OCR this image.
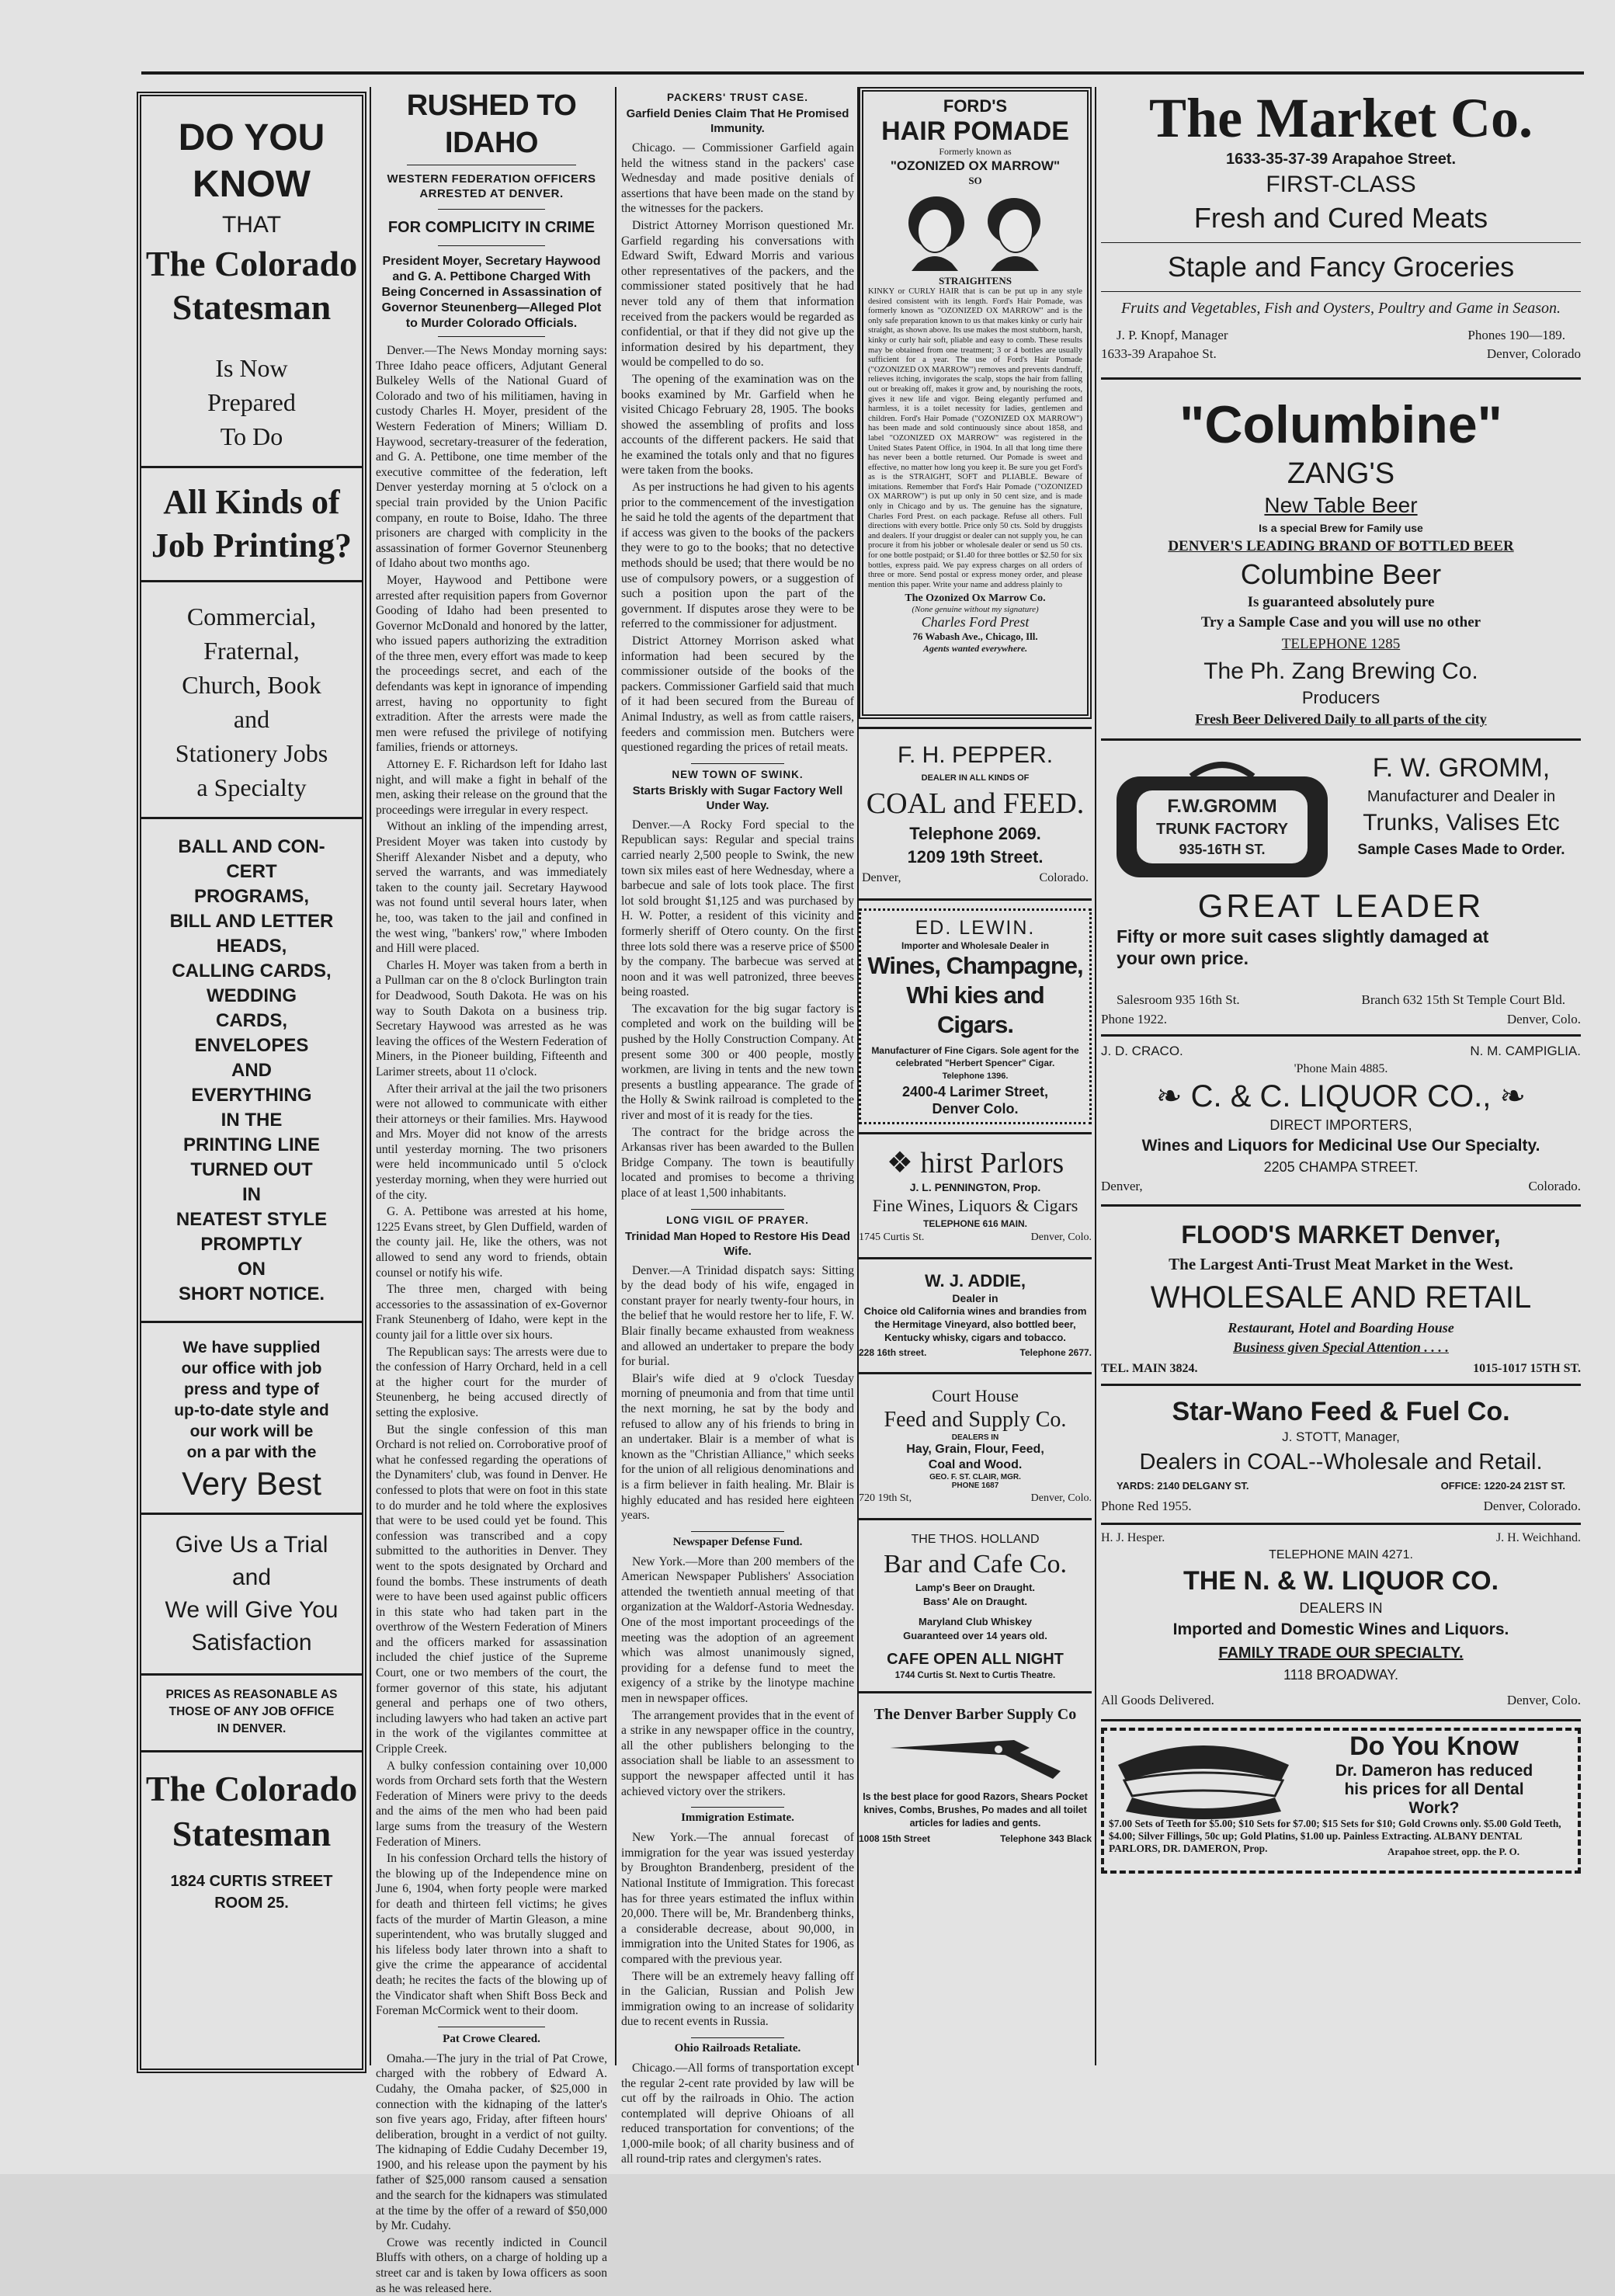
DO YOU
KNOW
THAT
The Colorado
Statesman
Is Now
Prepared
To Do
All Kinds of
Job Printing?
Commercial,
Fraternal,
Church, Book
and
Stationery Jobs
a Specialty
BALL AND CON-
CERT
PROGRAMS,
BILL AND LETTER
HEADS,
CALLING CARDS,
WEDDING
CARDS,
ENVELOPES
AND
EVERYTHING
IN THE
PRINTING LINE
TURNED OUT
IN
NEATEST STYLE
PROMPTLY
ON
SHORT NOTICE.
We have supplied
our office with job
press and type of
up-to-date style and
our work will be
on a par with the
Very Best
Give Us a Trial
and
We will Give You
Satisfaction
PRICES AS REASONABLE AS
THOSE OF ANY JOB OFFICE
IN DENVER.
The Colorado
Statesman
1824 CURTIS STREET
ROOM 25.
RUSHED TO IDAHO
WESTERN FEDERATION OFFICERS ARRESTED AT DENVER.
FOR COMPLICITY IN CRIME
President Moyer, Secretary Haywood and G. A. Pettibone Charged With Being Concerned in Assassination of Governor Steunenberg—Alleged Plot to Murder Colorado Officials.

Denver.—The News Monday morning says: Three Idaho peace officers, Adjutant General Bulkeley Wells of the National Guard of Colorado and two of his militiamen, having in custody Charles H. Moyer, president of the Western Federation of Miners; William D. Haywood, secretary-treasurer of the federation, and G. A. Pettibone, one time member of the executive committee of the federation, left Denver yesterday morning at 5 o'clock on a special train provided by the Union Pacific company, en route to Boise, Idaho. The three prisoners are charged with complicity in the assassination of former Governor Steunenberg of Idaho about two months ago.

Moyer, Haywood and Pettibone were arrested after requisition papers from Governor Gooding of Idaho had been presented to Governor McDonald and honored by the latter, who issued papers authorizing the extradition of the three men, every effort was made to keep the proceedings secret, and each of the defendants was kept in ignorance of impending arrest, having no opportunity to fight extradition. After the arrests were made the men were refused the privilege of notifying families, friends or attorneys.

Attorney E. F. Richardson left for Idaho last night, and will make a fight in behalf of the men, asking their release on the ground that the proceedings were irregular in every respect.

Without an inkling of the impending arrest, President Moyer was taken into custody by Sheriff Alexander Nisbet and a deputy, who served the warrants, and was immediately taken to the county jail. Secretary Haywood was not found until several hours later, when he, too, was taken to the jail and confined in the west wing, "bankers' row," where Imboden and Hill were placed.

Charles H. Moyer was taken from a berth in a Pullman car on the 8 o'clock Burlington train for Deadwood, South Dakota. He was on his way to South Dakota on a business trip. Secretary Haywood was arrested as he was leaving the offices of the Western Federation of Miners, in the Pioneer building, Fifteenth and Larimer streets, about 11 o'clock.

After their arrival at the jail the two prisoners were not allowed to communicate with either their attorneys or their families. Mrs. Haywood and Mrs. Moyer did not know of the arrests until yesterday morning. The two prisoners were held incommunicado until 5 o'clock yesterday morning, when they were hurried out of the city.

G. A. Pettibone was arrested at his home, 1225 Evans street, by Glen Duffield, warden of the county jail. He, like the others, was not allowed to send any word to friends, obtain counsel or notify his wife.

The three men, charged with being accessories to the assassination of ex-Governor Frank Steunenberg of Idaho, were kept in the county jail for a little over six hours.

The Republican says: The arrests were due to the confession of Harry Orchard, held in a cell at the higher court for the murder of Steunenberg, he being accused directly of setting the explosive.

But the single confession of this man Orchard is not relied on. Corroborative proof of what he confessed regarding the operations of the Dynamiters' club, was found in Denver. He confessed to plots that were on foot in this state to do murder and he told where the explosives that were to be used could yet be found. This confession was transcribed and a copy submitted to the authorities in Denver. They went to the spots designated by Orchard and found the bombs. These instruments of death were to have been used against public officers in this state who had taken part in the overthrow of the Western Federation of Miners and the officers marked for assassination included the chief justice of the Supreme Court, one or two members of the court, the former governor of this state, his adjutant general and perhaps one of two others, including lawyers who had taken an active part in the work of the vigilantes committee at Cripple Creek.

A bulky confession containing over 10,000 words from Orchard sets forth that the Western Federation of Miners were privy to the deeds and the aims of the men who had been paid large sums from the treasury of the Western Federation of Miners.

In his confession Orchard tells the history of the blowing up of the Independence mine on June 6, 1904, when forty people were marked for death and thirteen fell victims; he gives facts of the murder of Martin Gleason, a mine superintendent, who was brutally slugged and his lifeless body later thrown into a shaft to give the crime the appearance of accidental death; he recites the facts of the blowing up of the Vindicator shaft when Shift Boss Beck and Foreman McCormick went to their doom.

Pat Crowe Cleared.

Omaha.—The jury in the trial of Pat Crowe, charged with the robbery of Edward A. Cudahy, the Omaha packer, of $25,000 in connection with the kidnaping of the latter's son five years ago, Friday, after fifteen hours' deliberation, brought in a verdict of not guilty. The kidnaping of Eddie Cudahy December 19, 1900, and his release upon the payment by his father of $25,000 ransom caused a sensation and the search for the kidnapers was stimulated at the time by the offer of a reward of $50,000 by Mr. Cudahy.

Crowe was recently indicted in Council Bluffs with others, on a charge of holding up a street car and is taken by Iowa officers as soon as he was released here.

PACKERS' TRUST CASE.
Garfield Denies Claim That He Promised Immunity.

Chicago. — Commissioner Garfield again held the witness stand in the packers' case Wednesday and made positive denials of assertions that have been made on the stand by the witnesses for the packers.

District Attorney Morrison questioned Mr. Garfield regarding his conversations with Edward Swift, Edward Morris and various other representatives of the packers, and the commissioner stated positively that he had never told any of them that information received from the packers would be regarded as confidential, or that if they did not give up the information desired by his department, they would be compelled to do so.

The opening of the examination was on the books examined by Mr. Garfield when he visited Chicago February 28, 1905. The books showed the assembling of profits and loss accounts of the different packers. He said that he examined the totals only and that no figures were taken from the books.

As per instructions he had given to his agents prior to the commencement of the investigation he said he told the agents of the department that if access was given to the books of the packers they were to go to the books; that no detective methods should be used; that there would be no use of compulsory powers, or a suggestion of such a position upon the part of the government. If disputes arose they were to be referred to the commissioner for adjustment.

District Attorney Morrison asked what information had been secured by the commissioner outside of the books of the packers. Commissioner Garfield said that much of it had been secured from the Bureau of Animal Industry, as well as from cattle raisers, feeders and commission men. Butchers were questioned regarding the prices of retail meats.

NEW TOWN OF SWINK.
Starts Briskly with Sugar Factory Well Under Way.

Denver.—A Rocky Ford special to the Republican says: Regular and special trains carried nearly 2,500 people to Swink, the new town six miles east of here Wednesday, where a barbecue and sale of lots took place. The first lot sold brought $1,125 and was purchased by H. W. Potter, a resident of this vicinity and formerly sheriff of Otero county. On the first three lots sold there was a reserve price of $500 by the company. The barbecue was served at noon and it was well patronized, three beeves being roasted.

The excavation for the big sugar factory is completed and work on the building will be pushed by the Holly Construction Company. At present some 300 or 400 people, mostly workmen, are living in tents and the new town presents a bustling appearance. The grade of the Holly & Swink railroad is completed to the river and most of it is ready for the ties.

The contract for the bridge across the Arkansas river has been awarded to the Bullen Bridge Company. The town is beautifully located and promises to become a thriving place of at least 1,500 inhabitants.

LONG VIGIL OF PRAYER.
Trinidad Man Hoped to Restore His Dead Wife.

Denver.—A Trinidad dispatch says: Sitting by the dead body of his wife, engaged in constant prayer for nearly twenty-four hours, in the belief that he would restore her to life, F. W. Blair finally became exhausted from weakness and allowed an undertaker to prepare the body for burial.

Blair's wife died at 9 o'clock Tuesday morning of pneumonia and from that time until the next morning, he sat by the body and refused to allow any of his friends to bring in an undertaker. Blair is a member of what is known as the "Christian Alliance," which seeks for the union of all religious denominations and is a firm believer in faith healing. Mr. Blair is highly educated and has resided here eighteen years.

Newspaper Defense Fund.

New York.—More than 200 members of the American Newspaper Publishers' Association attended the twentieth annual meeting of that organization at the Waldorf-Astoria Wednesday. One of the most important proceedings of the meeting was the adoption of an agreement which was almost unanimously signed, providing for a defense fund to meet the exigency of a strike by the linotype machine men in newspaper offices.

The arrangement provides that in the event of a strike in any newspaper office in the country, all the other publishers belonging to the association shall be liable to an assessment to support the newspaper affected until it has achieved victory over the strikers.

Immigration Estimate.

New York.—The annual forecast of immigration for the year was issued yesterday by Broughton Brandenberg, president of the National Institute of Immigration. This forecast has for three years estimated the influx within 20,000. There will be, Mr. Brandenberg thinks, a considerable decrease, about 90,000, in immigration into the United States for 1906, as compared with the previous year.

There will be an extremely heavy falling off in the Galician, Russian and Polish Jew immigration owing to an increase of solidarity due to recent events in Russia.

Ohio Railroads Retaliate.

Chicago.—All forms of transportation except the regular 2-cent rate provided by law will be cut off by the railroads in Ohio. The action contemplated will deprive Ohioans of all reduced transportation for conventions; of the 1,000-mile book; of all charity business and of all round-trip rates and clergymen's rates.

FORD'S
HAIR POMADE
Formerly known as
"OZONIZED OX MARROW"
SO
STRAIGHTENS
KINKY or CURLY HAIR that is can be put up in any style desired consistent with its length. Ford's Hair Pomade, was formerly known as "OZONIZED OX MARROW" and is the only safe preparation known to us that makes kinky or curly hair straight, as shown above. Its use makes the most stubborn, harsh, kinky or curly hair soft, pliable and easy to comb. These results may be obtained from one treatment; 3 or 4 bottles are usually sufficient for a year. The use of Ford's Hair Pomade ("OZONIZED OX MARROW") removes and prevents dandruff, relieves itching, invigorates the scalp, stops the hair from falling out or breaking off, makes it grow and, by nourishing the roots, gives it new life and vigor. Being elegantly perfumed and harmless, it is a toilet necessity for ladies, gentlemen and children. Ford's Hair Pomade ("OZONIZED OX MARROW") has been made and sold continuously since about 1858, and label "OZONIZED OX MARROW" was registered in the United States Patent Office, in 1904. In all that long time there has never been a bottle returned. Our Pomade is sweet and effective, no matter how long you keep it. Be sure you get Ford's as is the STRAIGHT, SOFT and PLIABLE. Beware of imitations. Remember that Ford's Hair Pomade ("OZONIZED OX MARROW") is put up only in 50 cent size, and is made only in Chicago and by us. The genuine has the signature, Charles Ford Prest. on each package. Refuse all others. Full directions with every bottle. Price only 50 cts. Sold by druggists and dealers. If your druggist or dealer can not supply you, he can procure it from his jobber or wholesale dealer or send us 50 cts. for one bottle postpaid; or $1.40 for three bottles or $2.50 for six bottles, express paid. We pay express charges on all orders of three or more. Send postal or express money order, and please mention this paper. Write your name and address plainly to
The Ozonized Ox Marrow Co.
(None genuine without my signature)
Charles Ford Prest
76 Wabash Ave., Chicago, Ill.
Agents wanted everywhere.
F. H. PEPPER.
DEALER IN ALL KINDS OF
COAL and FEED.
Telephone 2069.
1209 19th Street.
Denver,	Colorado.
ED. LEWIN.
Importer and Wholesale Dealer in
Wines, Champagne,
Whi kies and
Cigars.
Manufacturer of Fine Cigars. Sole agent for the celebrated "Herbert Spencer" Cigar.
Telephone 1396.
2400-4 Larimer Street,
Denver Colo.
❖ hirst Parlors
J. L. PENNINGTON, Prop.
Fine Wines, Liquors & Cigars
TELEPHONE 616 MAIN.
1745 Curtis St.	Denver, Colo.
W. J. ADDIE,
Dealer in
Choice old California wines and brandies from the Hermitage Vineyard, also bottled beer, Kentucky whisky, cigars and tobacco.
228 16th street.	Telephone 2677.
Court House
Feed and Supply Co.
DEALERS IN
Hay, Grain, Flour, Feed,
Coal and Wood.
GEO. F. ST. CLAIR, MGR.
PHONE 1687
720 19th St,	Denver, Colo.
THE THOS. HOLLAND
Bar and Cafe Co.
Lamp's Beer on Draught.
Bass' Ale on Draught.
Maryland Club Whiskey
Guaranteed over 14 years old.
CAFE OPEN ALL NIGHT
1744 Curtis St. Next to Curtis Theatre.
The Denver Barber Supply Co
Is the best place for good Razors, Shears Pocket knives, Combs, Brushes, Po mades and all toilet articles for ladies and gents.
1008 15th Street	Telephone 343 Black
The Market Co.
1633-35-37-39 Arapahoe Street.
FIRST-CLASS
Fresh and Cured Meats
Staple and Fancy Groceries
Fruits and Vegetables, Fish and Oysters, Poultry and Game in Season.
J. P. Knopf, Manager	Phones 190—189.
1633-39 Arapahoe St.	Denver, Colorado
"Columbine"
ZANG'S
New Table Beer
Is a special Brew for Family use
DENVER'S LEADING BRAND OF BOTTLED BEER
Columbine Beer
Is guaranteed absolutely pure
Try a Sample Case and you will use no other
TELEPHONE 1285
The Ph. Zang Brewing Co.
Producers
Fresh Beer Delivered Daily to all parts of the city
F.W.GROMM
TRUNK FACTORY
935-16TH ST.
F. W. GROMM,
Manufacturer and Dealer in
Trunks, Valises Etc
Sample Cases Made to Order.
GREAT LEADER
Fifty or more suit cases slightly damaged at
your own price.
Salesroom 935 16th St.	Branch 632 15th St Temple Court Bld.
Phone 1922.	Denver, Colo.
J. D. CRACO.	N. M. CAMPIGLIA.
'Phone Main 4885.
❧ C. & C. LIQUOR CO., ❧
DIRECT IMPORTERS,
Wines and Liquors for Medicinal Use Our Specialty.
2205 CHAMPA STREET.
Denver,	Colorado.
FLOOD'S MARKET Denver,
The Largest Anti-Trust Meat Market in the West.
WHOLESALE AND RETAIL
Restaurant, Hotel and Boarding House
Business given Special Attention . . . .
TEL. MAIN 3824.	1015-1017 15TH ST.
Star-Wano Feed & Fuel Co.
J. STOTT, Manager,
Dealers in COAL--Wholesale and Retail.
YARDS: 2140 DELGANY ST.	OFFICE: 1220-24 21ST ST.
Phone Red 1955.	Denver, Colorado.
H. J. Hesper.	J. H. Weichhand.
TELEPHONE MAIN 4271.
THE N. & W. LIQUOR CO.
DEALERS IN
Imported and Domestic Wines and Liquors.
FAMILY TRADE OUR SPECIALTY.
1118 BROADWAY.
All Goods Delivered.	Denver, Colo.
Do You Know
Dr. Dameron has reduced
his prices for all Dental
Work?
$7.00 Sets of Teeth for $5.00; $10 Sets for $7.00; $15 Sets for $10; Gold Crowns only. $5.00 Gold Teeth, $4.00; Silver Fillings, 50c up; Gold Platins, $1.00 up. Painless Extracting. ALBANY DENTAL PARLORS, DR. DAMERON, Prop.	Arapahoe street, opp. the P. O.
